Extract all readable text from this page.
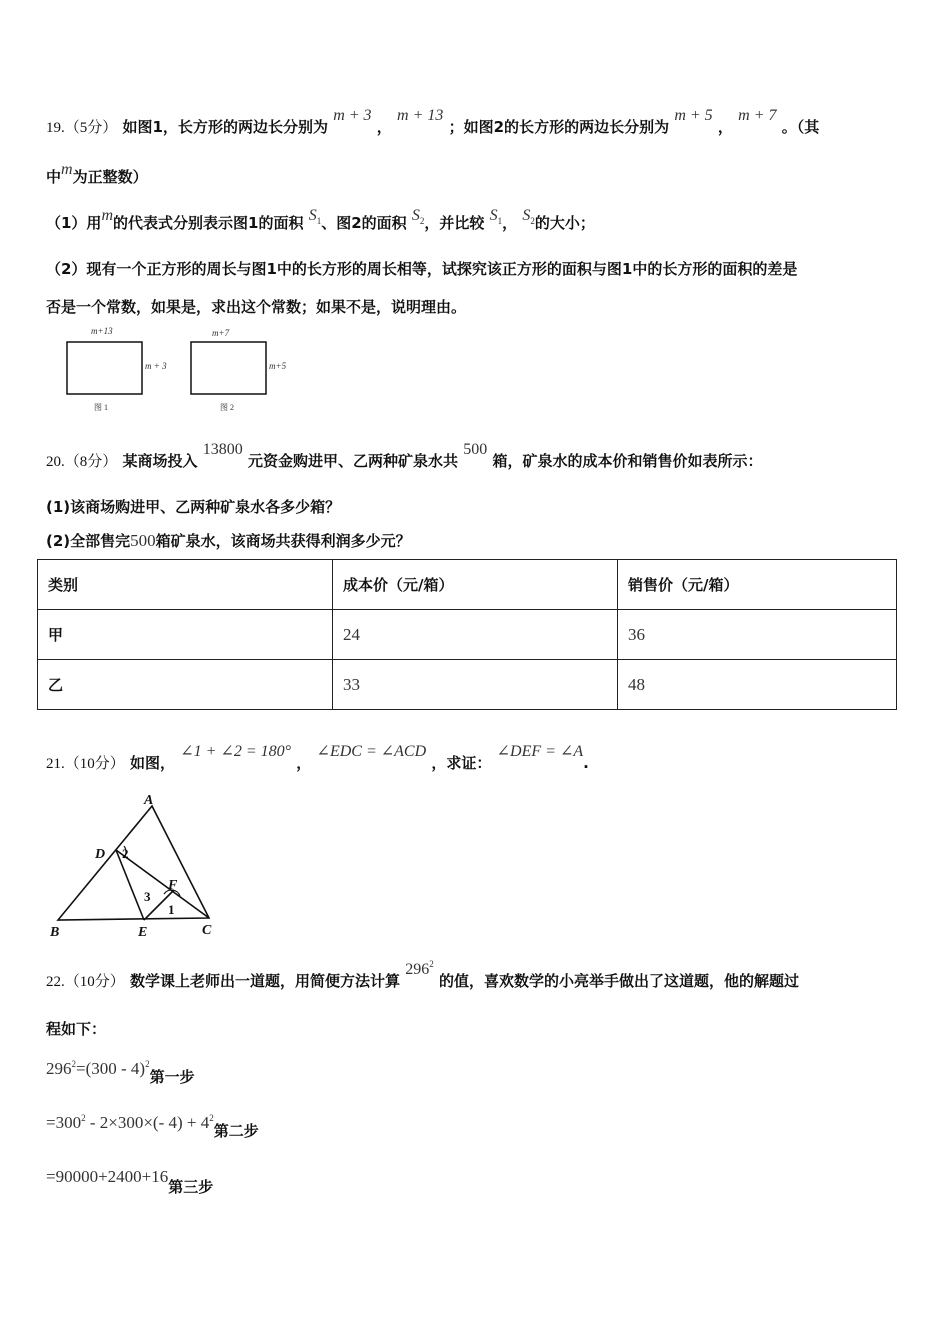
19.（5分） 如图1，长方形的两边长分别为 m + 3 ， m + 13 ；如图2的长方形的两边长分别为 m + 5 ， m + 7 。（其
中m为正整数）
（1）用m的代表式分别表示图1的面积 $S_1$、图2的面积 $S_2$，并比较 $S_1$， $S_2$的大小；
（2）现有一个正方形的周长与图1中的长方形的周长相等，试探究该正方形的面积与图1中的长方形的面积的差是
否是一个常数，如果是，求出这个常数；如果不是，说明理由。
m+13
m + 3
图 1
m+7
m+5
图 2
20.（8分） 某商场投入 13800 元资金购进甲、乙两种矿泉水共 500 箱，矿泉水的成本价和销售价如表所示：
(1)该商场购进甲、乙两种矿泉水各多少箱？
(2)全部售完500箱矿泉水，该商场共获得利润多少元？
类别	成本价（元/箱）	销售价（元/箱）
甲	24	36
乙	33	48
21.（10分） 如图， ∠1 + ∠2 = 180° ， ∠EDC = ∠ACD ，求证： ∠DEF = ∠A.
A
B	C
D
E
F
2
3
1
22.（10分） 数学课上老师出一道题，用简便方法计算 $296^2$ 的值，喜欢数学的小亮举手做出了这道题，他的解题过
程如下：
$296^2=(300 - 4)^2$第一步
$=300^2 - 2\times 300\times(-$ $4) + 4^2$第二步
=90000+2400+16第三步
